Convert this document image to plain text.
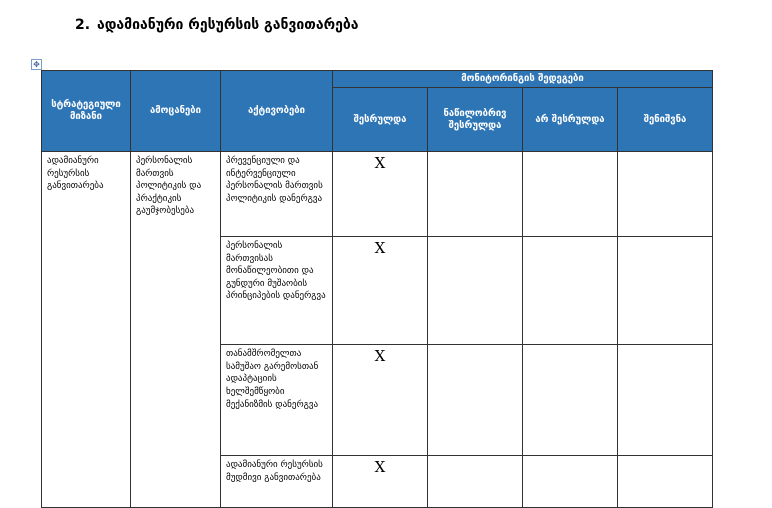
2. ადამიანური რესურსის განვითარება
✥
სტრატეგიული მიზანი	ამოცანები	აქტივობები	მონიტორინგის შედეგები			
			შესრულდა	ნაწილობრივ შესრულდა	არ შესრულდა	შენიშვნა
ადამიანური რესურსის განვითარება	პერსონალის მართვის პოლიტიკის და პრაქტიკის გაუმჯობესება	პრევენციული და ინტერვენციული პერსონალის მართვის პოლიტიკის დანერგვა	X			
		პერსონალის მართვისას მონაწილეობითი და გუნდური მუშაობის პრინციპების დანერგვა	X			
		თანამშრომელთა სამუშაო გარემოსთან ადაპტაციის ხელშემწყობი მექანიზმის დანერგვა	X			
		ადამიანური რესურსის მუდმივი განვითარება	X			
